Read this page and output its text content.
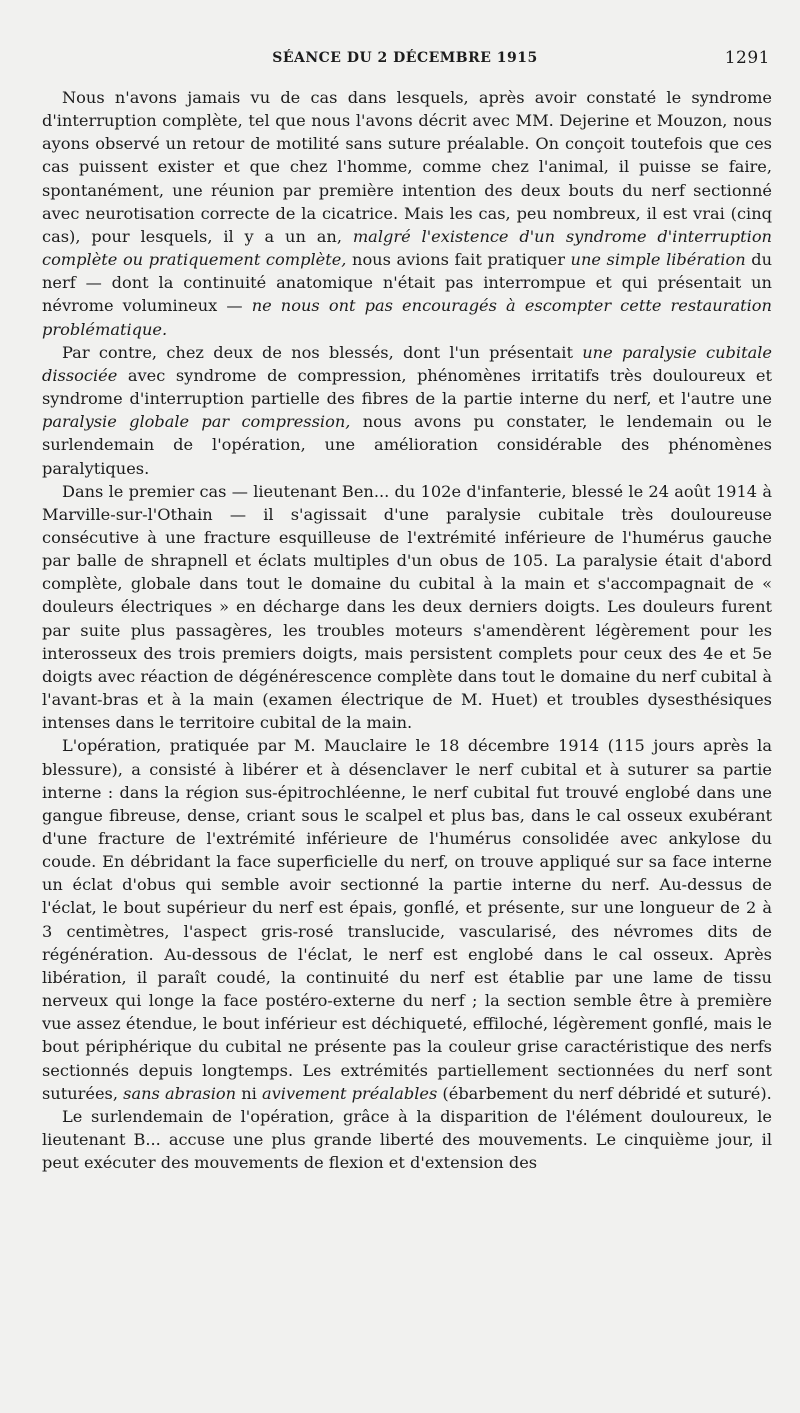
SÉANCE DU 2 DÉCEMBRE 1915	1291

Nous n'avons jamais vu de cas dans lesquels, après avoir constaté le syndrome d'interruption complète, tel que nous l'avons décrit avec MM. Dejerine et Mouzon, nous ayons observé un retour de motilité sans suture préalable. On conçoit toutefois que ces cas puissent exister et que chez l'homme, comme chez l'animal, il puisse se faire, spontanément, une réunion par première intention des deux bouts du nerf sectionné avec neurotisation correcte de la cicatrice. Mais les cas, peu nombreux, il est vrai (cinq cas), pour lesquels, il y a un an, malgré l'existence d'un syndrome d'interruption complète ou pratiquement complète, nous avions fait pratiquer une simple libération du nerf — dont la continuité anatomique n'était pas interrompue et qui présentait un névrome volumineux — ne nous ont pas encouragés à escompter cette restauration problématique.

Par contre, chez deux de nos blessés, dont l'un présentait une paralysie cubitale dissociée avec syndrome de compression, phénomènes irritatifs très douloureux et syndrome d'interruption partielle des fibres de la partie interne du nerf, et l'autre une paralysie globale par compression, nous avons pu constater, le lendemain ou le surlendemain de l'opération, une amélioration considérable des phénomènes paralytiques.

Dans le premier cas — lieutenant Ben... du 102e d'infanterie, blessé le 24 août 1914 à Marville-sur-l'Othain — il s'agissait d'une paralysie cubitale très douloureuse consécutive à une fracture esquilleuse de l'extrémité inférieure de l'humérus gauche par balle de shrapnell et éclats multiples d'un obus de 105. La paralysie était d'abord complète, globale dans tout le domaine du cubital à la main et s'accompagnait de « douleurs électriques » en décharge dans les deux derniers doigts. Les douleurs furent par suite plus passagères, les troubles moteurs s'amendèrent légèrement pour les interosseux des trois premiers doigts, mais persistent complets pour ceux des 4e et 5e doigts avec réaction de dégénérescence complète dans tout le domaine du nerf cubital à l'avant-bras et à la main (examen électrique de M. Huet) et troubles dysesthésiques intenses dans le territoire cubital de la main.

L'opération, pratiquée par M. Mauclaire le 18 décembre 1914 (115 jours après la blessure), a consisté à libérer et à désenclaver le nerf cubital et à suturer sa partie interne : dans la région sus-épitrochléenne, le nerf cubital fut trouvé englobé dans une gangue fibreuse, dense, criant sous le scalpel et plus bas, dans le cal osseux exubérant d'une fracture de l'extrémité inférieure de l'humérus consolidée avec ankylose du coude. En débridant la face superficielle du nerf, on trouve appliqué sur sa face interne un éclat d'obus qui semble avoir sectionné la partie interne du nerf. Au-dessus de l'éclat, le bout supérieur du nerf est épais, gonflé, et présente, sur une longueur de 2 à 3 centimètres, l'aspect gris-rosé translucide, vascularisé, des névromes dits de régénération. Au-dessous de l'éclat, le nerf est englobé dans le cal osseux. Après libération, il paraît coudé, la continuité du nerf est établie par une lame de tissu nerveux qui longe la face postéro-externe du nerf ; la section semble être à première vue assez étendue, le bout inférieur est déchiqueté, effiloché, légèrement gonflé, mais le bout périphérique du cubital ne présente pas la couleur grise caractéristique des nerfs sectionnés depuis longtemps. Les extrémités partiellement sectionnées du nerf sont suturées, sans abrasion ni avivement préalables (ébarbement du nerf débridé et suturé).

Le surlendemain de l'opération, grâce à la disparition de l'élément douloureux, le lieutenant B... accuse une plus grande liberté des mouvements. Le cinquième jour, il peut exécuter des mouvements de flexion et d'extension des
